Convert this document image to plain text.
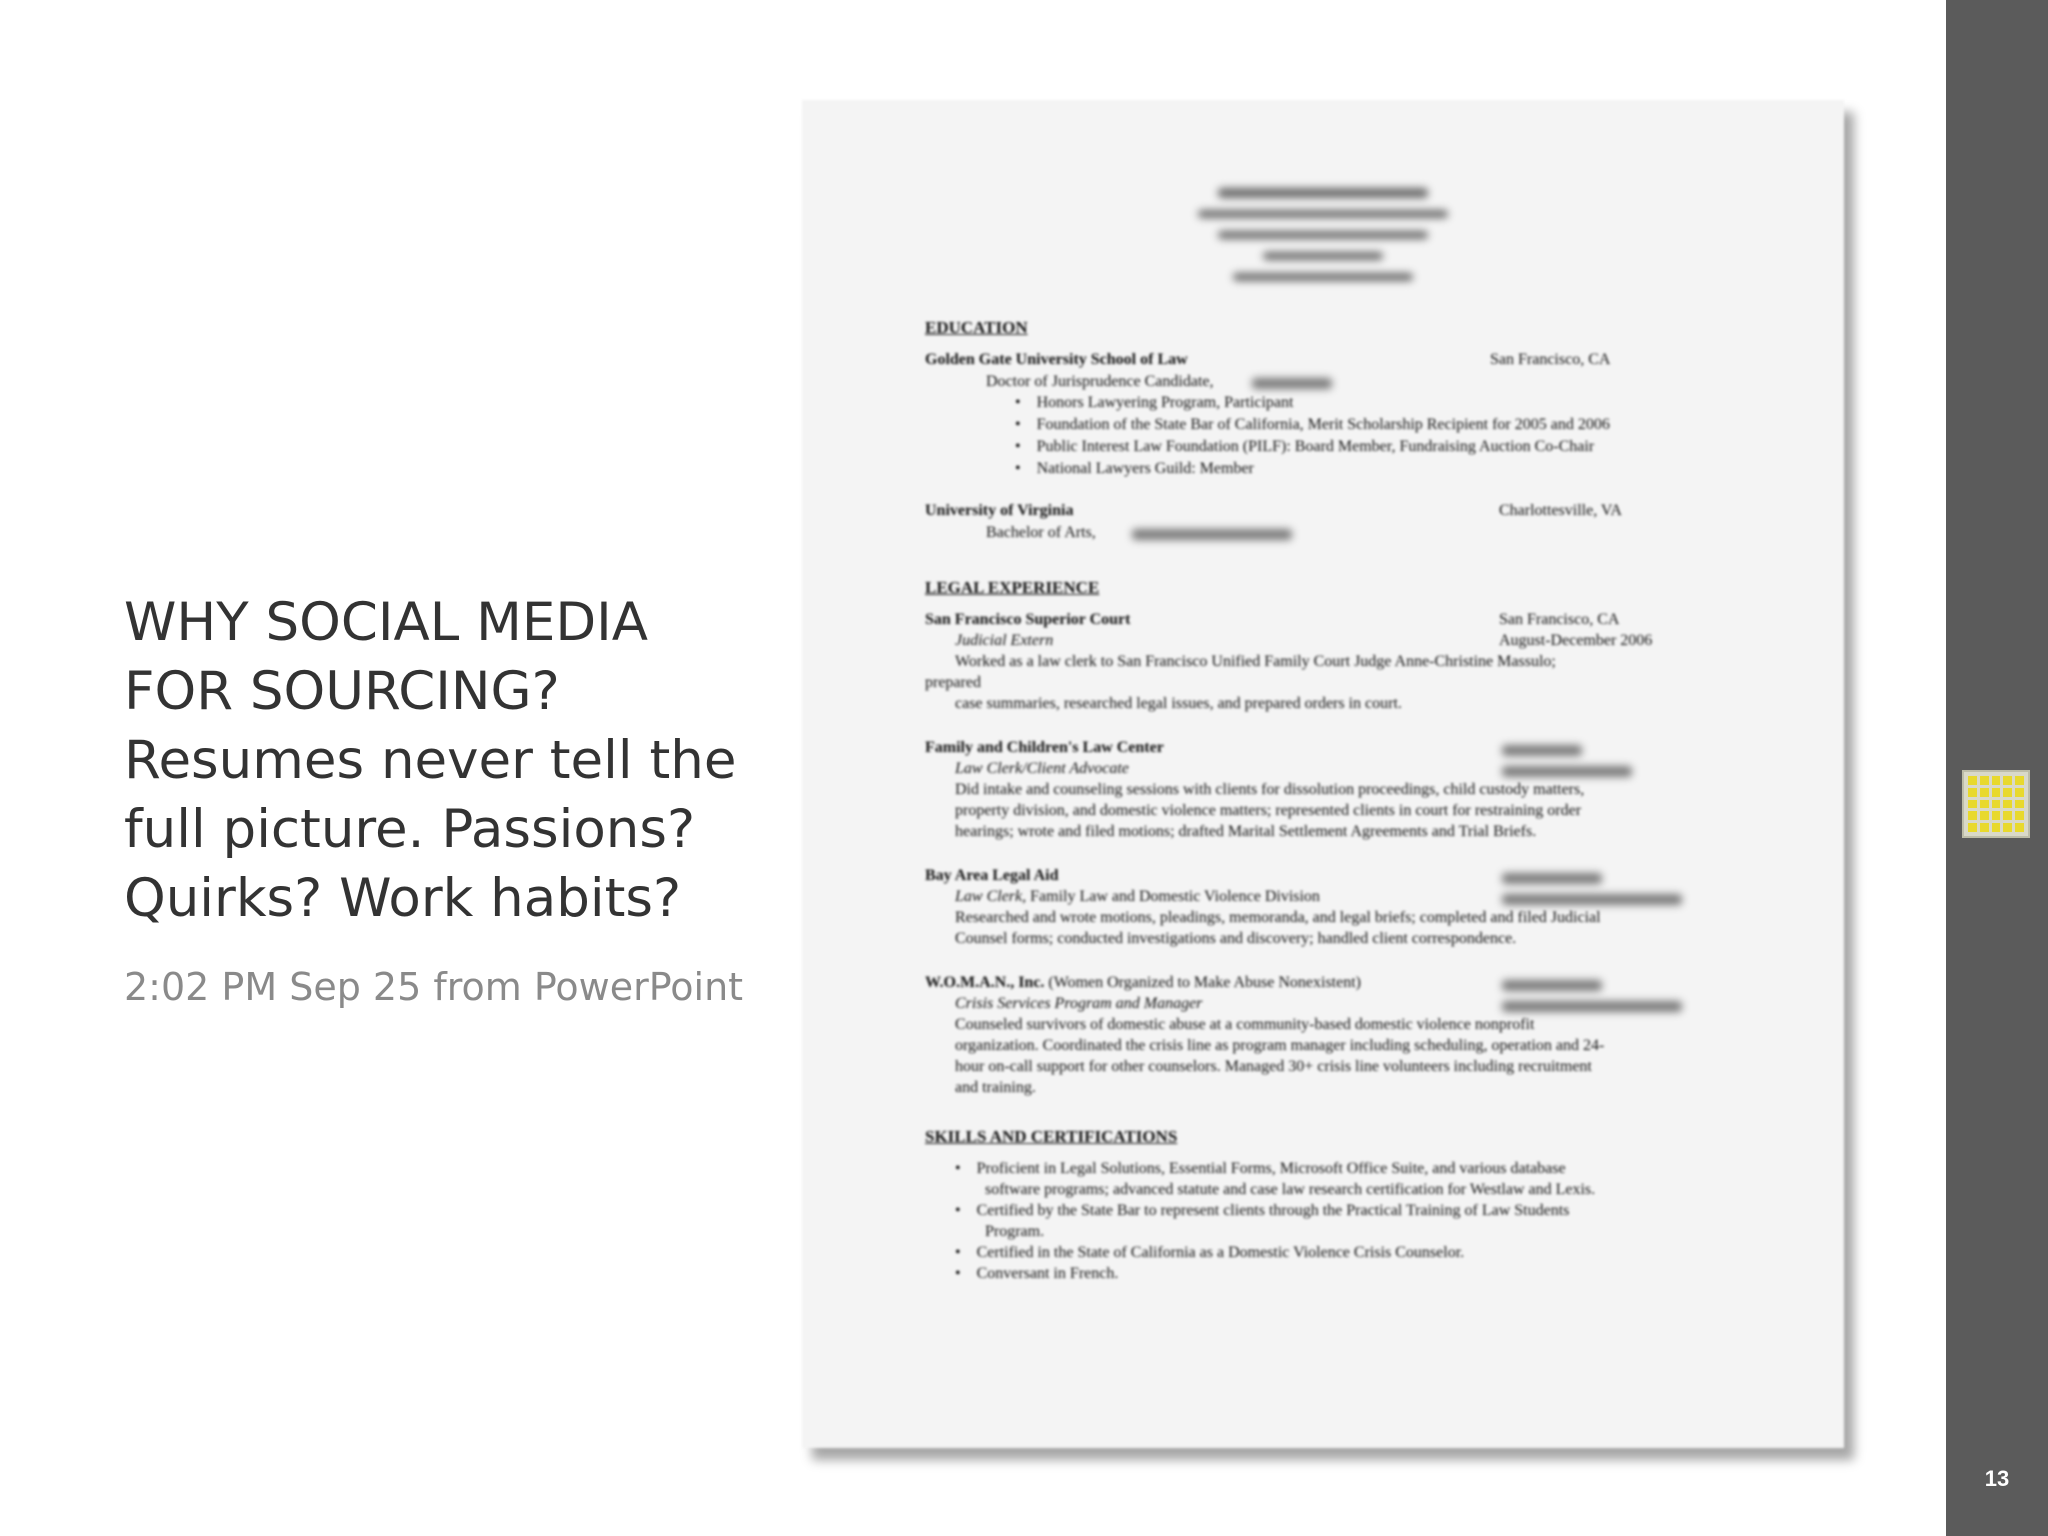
WHY SOCIAL MEDIA
FOR SOURCING?
Resumes never tell the
full picture. Passions?
Quirks? Work habits?
2:02 PM Sep 25 from PowerPoint
EDUCATION
Golden Gate University School of Law	San Francisco, CA
Doctor of Jurisprudence Candidate,
•    Honors Lawyering Program, Participant
•    Foundation of the State Bar of California, Merit Scholarship Recipient for 2005 and 2006
•    Public Interest Law Foundation (PILF): Board Member, Fundraising Auction Co-Chair
•    National Lawyers Guild: Member
University of Virginia	Charlottesville, VA
Bachelor of Arts,
LEGAL EXPERIENCE
San Francisco Superior Court	San Francisco, CA
Judicial Extern	August-December 2006
Worked as a law clerk to San Francisco Unified Family Court Judge Anne-Christine Massulo;
prepared
case summaries, researched legal issues, and prepared orders in court.
Family and Children's Law Center
Law Clerk/Client Advocate
Did intake and counseling sessions with clients for dissolution proceedings, child custody matters,
property division, and domestic violence matters; represented clients in court for restraining order
hearings; wrote and filed motions; drafted Marital Settlement Agreements and Trial Briefs.
Bay Area Legal Aid
Law Clerk, Family Law and Domestic Violence Division
Researched and wrote motions, pleadings, memoranda, and legal briefs; completed and filed Judicial
Counsel forms; conducted investigations and discovery; handled client correspondence.
W.O.M.A.N., Inc. (Women Organized to Make Abuse Nonexistent)
Crisis Services Program and Manager
Counseled survivors of domestic abuse at a community-based domestic violence nonprofit
organization. Coordinated the crisis line as program manager including scheduling, operation and 24-
hour on-call support for other counselors. Managed 30+ crisis line volunteers including recruitment
and training.
SKILLS AND CERTIFICATIONS
•    Proficient in Legal Solutions, Essential Forms, Microsoft Office Suite, and various database
software programs; advanced statute and case law research certification for Westlaw and Lexis.
•    Certified by the State Bar to represent clients through the Practical Training of Law Students
Program.
•    Certified in the State of California as a Domestic Violence Crisis Counselor.
•    Conversant in French.
13
